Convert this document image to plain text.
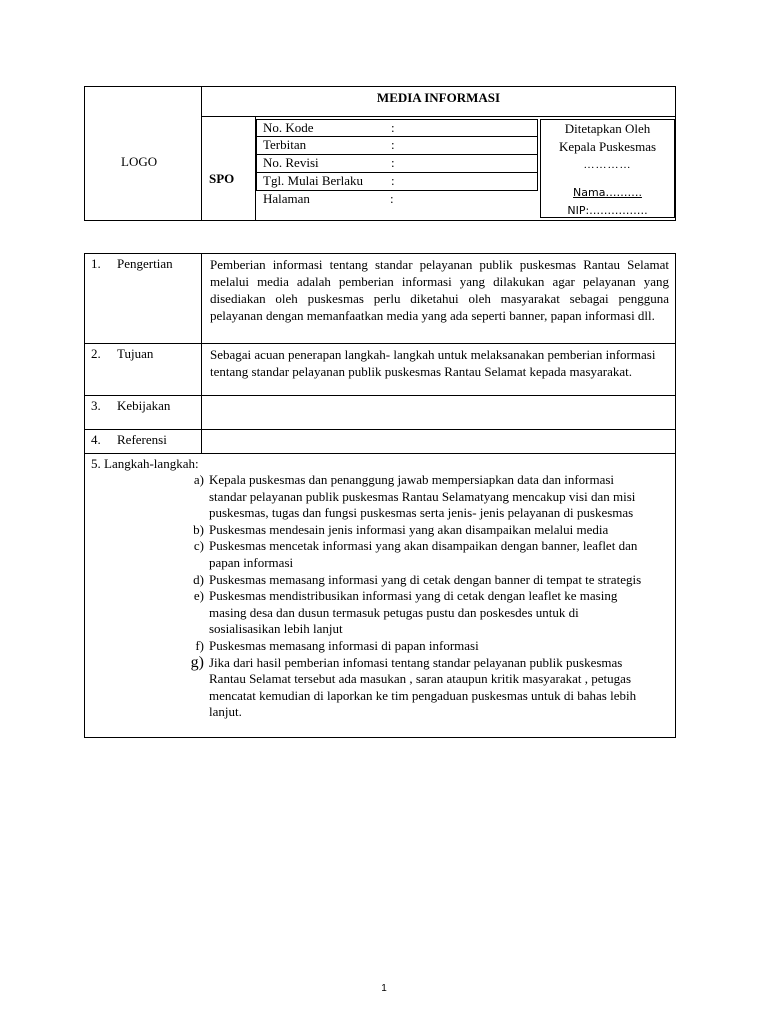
LOGO
MEDIA INFORMASI
SPO
No. Kode	:
Terbitan	:
No. Revisi	:
Tgl. Mulai Berlaku :
Halaman	:
Ditetapkan Oleh
Kepala Puskesmas
…………
Nama……….
NIP:…………….
1. Pengertian	Pemberian informasi tentang standar pelayanan publik puskesmas Rantau Selamat melalui media adalah pemberian informasi yang dilakukan agar pelayanan yang disediakan oleh puskesmas perlu diketahui oleh masyarakat sebagai pengguna pelayanan dengan memanfaatkan media yang ada seperti banner, papan informasi dll.
2. Tujuan	Sebagai acuan penerapan langkah- langkah untuk melaksanakan pemberian informasi tentang standar pelayanan publik puskesmas Rantau Selamat kepada masyarakat.
3. Kebijakan
4. Referensi
5. Langkah-langkah:
a) Kepala puskesmas dan penanggung jawab mempersiapkan data dan informasi standar pelayanan publik puskesmas Rantau Selamatyang mencakup visi dan misi puskesmas, tugas dan fungsi puskesmas serta jenis- jenis pelayanan di puskesmas
b) Puskesmas mendesain jenis informasi yang akan disampaikan melalui media
c) Puskesmas mencetak informasi yang akan disampaikan dengan banner, leaflet dan papan informasi
d) Puskesmas memasang informasi yang di cetak dengan banner di tempat te strategis
e) Puskesmas mendistribusikan informasi yang di cetak dengan leaflet ke masing masing desa dan dusun termasuk petugas pustu dan poskesdes untuk di sosialisasikan lebih lanjut
f) Puskesmas memasang informasi di papan informasi
g) Jika dari hasil pemberian infomasi tentang standar pelayanan publik puskesmas Rantau Selamat tersebut ada masukan , saran ataupun kritik masyarakat , petugas mencatat kemudian di laporkan ke tim pengaduan puskesmas untuk di bahas lebih lanjut.
1
